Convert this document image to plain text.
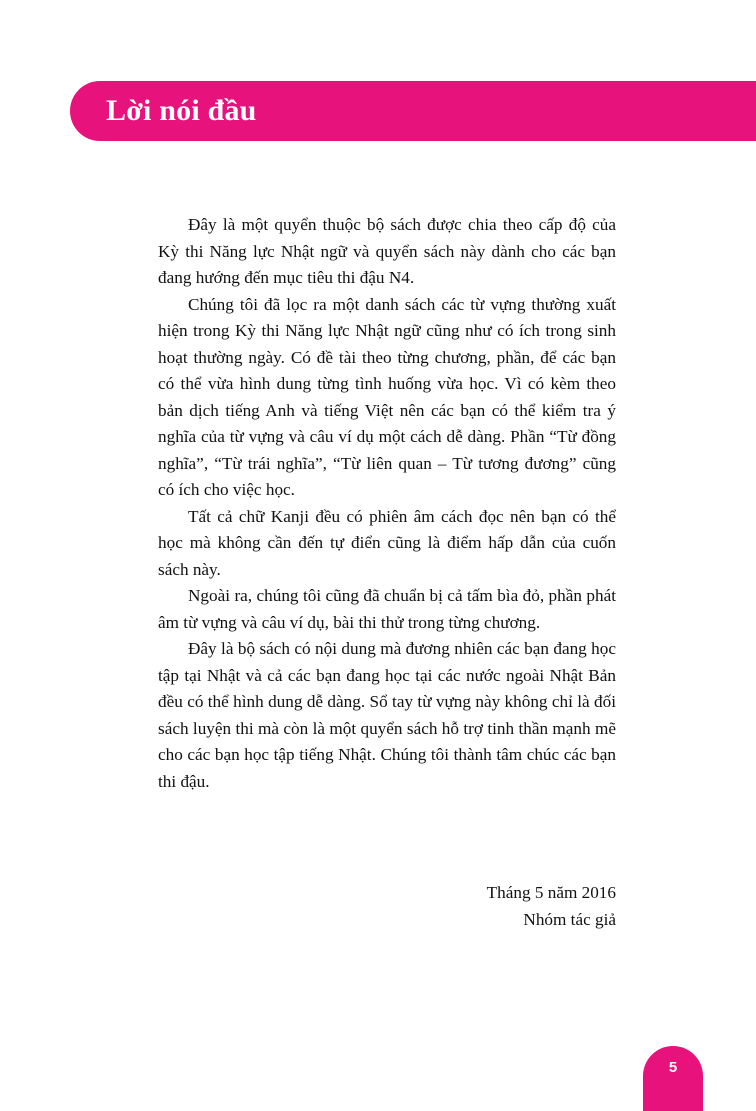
Lời nói đầu

Đây là một quyển thuộc bộ sách được chia theo cấp độ của Kỳ thi Năng lực Nhật ngữ và quyển sách này dành cho các bạn đang hướng đến mục tiêu thi đậu N4.

Chúng tôi đã lọc ra một danh sách các từ vựng thường xuất hiện trong Kỳ thi Năng lực Nhật ngữ cũng như có ích trong sinh hoạt thường ngày. Có đề tài theo từng chương, phần, để các bạn có thể vừa hình dung từng tình huống vừa học. Vì có kèm theo bản dịch tiếng Anh và tiếng Việt nên các bạn có thể kiểm tra ý nghĩa của từ vựng và câu ví dụ một cách dễ dàng. Phần “Từ đồng nghĩa”, “Từ trái nghĩa”, “Từ liên quan – Từ tương đương” cũng có ích cho việc học.

Tất cả chữ Kanji đều có phiên âm cách đọc nên bạn có thể học mà không cần đến tự điển cũng là điểm hấp dẫn của cuốn sách này.

Ngoài ra, chúng tôi cũng đã chuẩn bị cả tấm bìa đỏ, phần phát âm từ vựng và câu ví dụ, bài thi thử trong từng chương.

Đây là bộ sách có nội dung mà đương nhiên các bạn đang học tập tại Nhật và cả các bạn đang học tại các nước ngoài Nhật Bản đều có thể hình dung dễ dàng. Sổ tay từ vựng này không chỉ là đối sách luyện thi mà còn là một quyển sách hỗ trợ tinh thần mạnh mẽ cho các bạn học tập tiếng Nhật. Chúng tôi thành tâm chúc các bạn thi đậu.

Tháng 5 năm 2016
Nhóm tác giả
5
